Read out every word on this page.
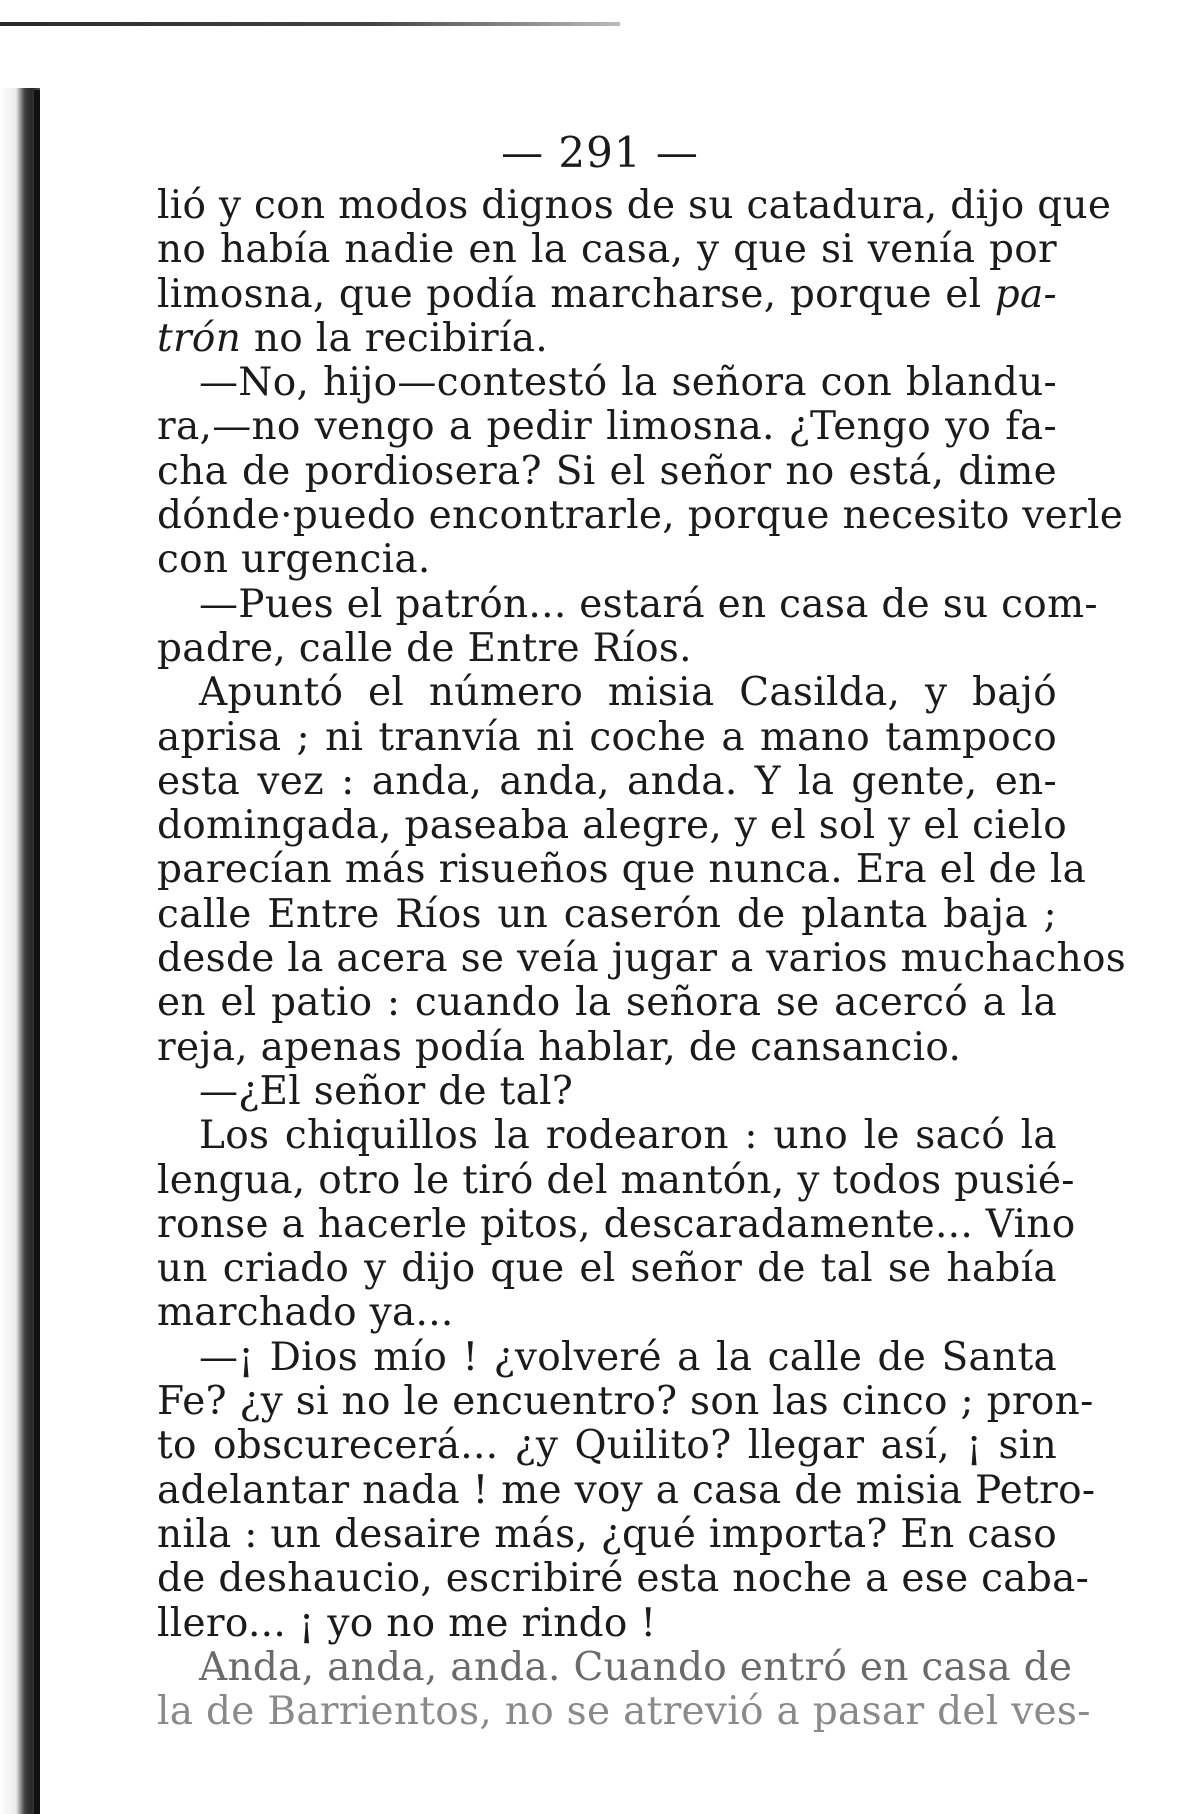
— 291 —
lió y con modos dignos de su catadura, dijo que
no había nadie en la casa, y que si venía por
limosna, que podía marcharse, porque el pa-
trón no la recibiría.
—No, hijo—contestó la señora con blandu-
ra,—no vengo a pedir limosna. ¿Tengo yo fa-
cha de pordiosera? Si el señor no está, dime
dónde·puedo encontrarle, porque necesito verle
con urgencia.
—Pues el patrón... estará en casa de su com-
padre, calle de Entre Ríos.
Apuntó el número misia Casilda, y bajó
aprisa ; ni tranvía ni coche a mano tampoco
esta vez : anda, anda, anda. Y la gente, en-
domingada, paseaba alegre, y el sol y el cielo
parecían más risueños que nunca. Era el de la
calle Entre Ríos un caserón de planta baja ;
desde la acera se veía jugar a varios muchachos
en el patio : cuando la señora se acercó a la
reja, apenas podía hablar, de cansancio.
—¿El señor de tal?
Los chiquillos la rodearon : uno le sacó la
lengua, otro le tiró del mantón, y todos pusié-
ronse a hacerle pitos, descaradamente... Vino
un criado y dijo que el señor de tal se había
marchado ya...
—¡ Dios mío ! ¿volveré a la calle de Santa
Fe? ¿y si no le encuentro? son las cinco ; pron-
to obscurecerá... ¿y Quilito? llegar así, ¡ sin
adelantar nada ! me voy a casa de misia Petro-
nila : un desaire más, ¿qué importa? En caso
de deshaucio, escribiré esta noche a ese caba-
llero... ¡ yo no me rindo !
Anda, anda, anda. Cuando entró en casa de
la de Barrientos, no se atrevió a pasar del ves-
